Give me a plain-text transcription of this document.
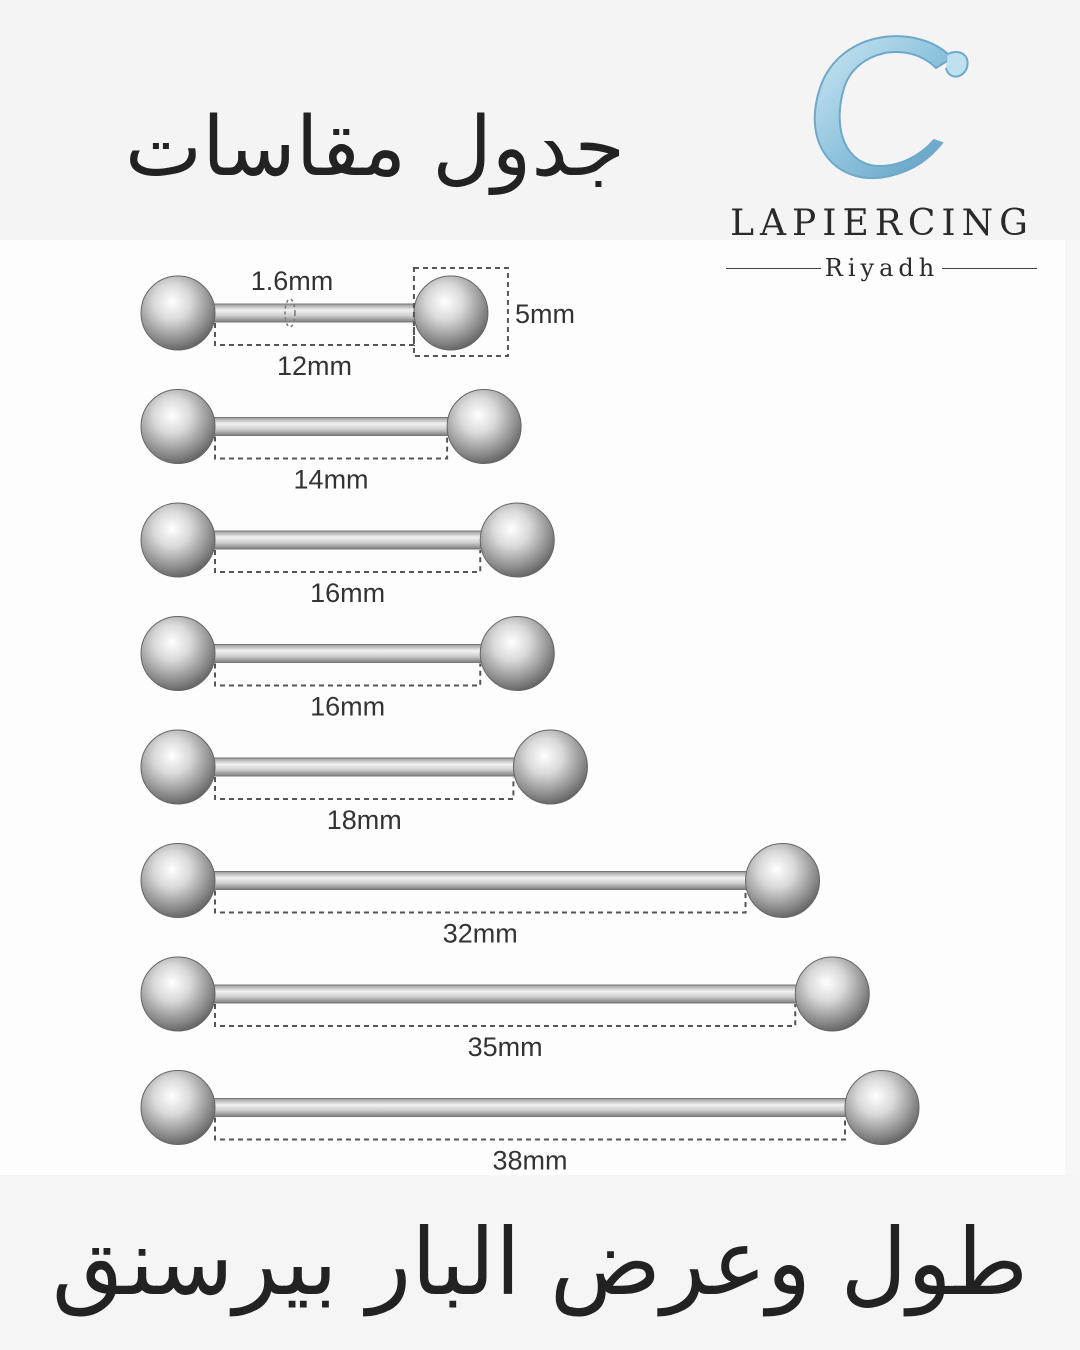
جدول مقاسات
LAPIERCING
Riyadh
12mm
14mm
16mm
16mm
18mm
32mm
35mm
38mm
1.6mm
5mm
طول وعرض البار بيرسنق
